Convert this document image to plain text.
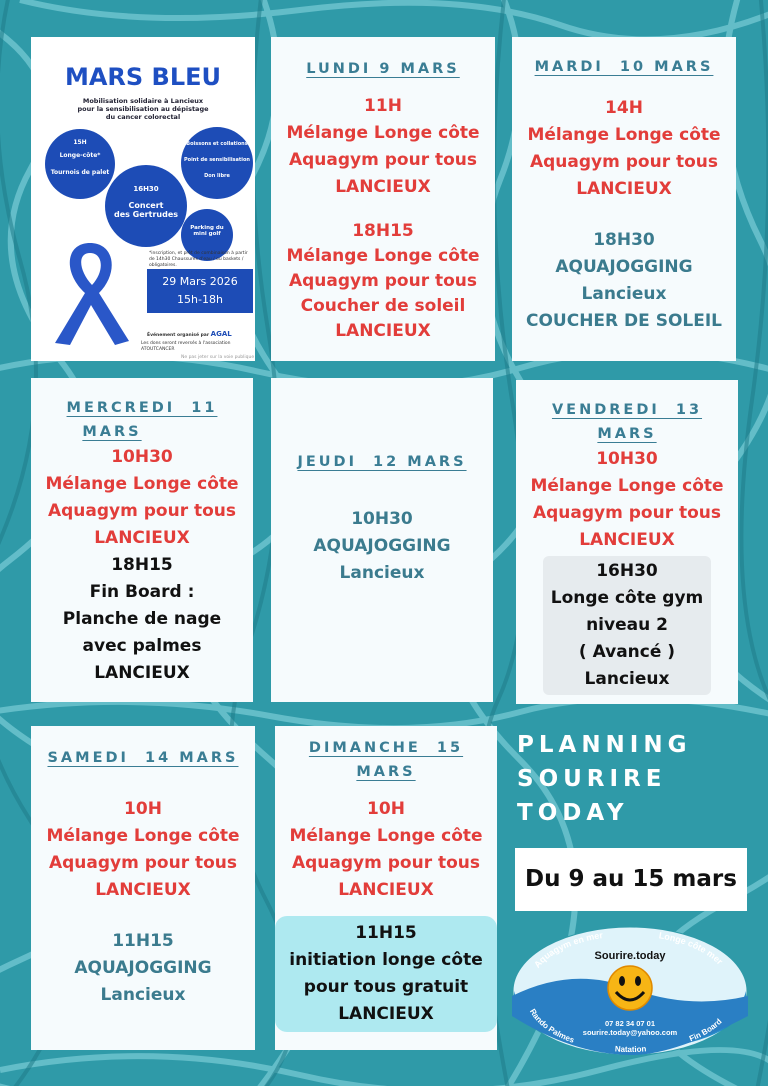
MARS BLEU
Mobilisation solidaire à Lancieux
pour la sensibilisation au dépistage
du cancer colorectal
15H
Longe-côte*
Tournois de palet
Boissons et collations
Point de sensibilisation
Don libre
16H30
Concert
des Gertrudes
Parking du
mini golf
*inscription, et prêt de combinaison à partir de 14h30 Chaussures d'eau / ou baskets / obligatoires.
29 Mars 2026
15h-18h
Événement organisé par AGAL
Les dons seront reversés à l'association ATOUTCANCER
Ne pas jeter sur la voie publique
LUNDI 9 MARS
11H
Mélange Longe côte
Aquagym pour tous
LANCIEUX
18H15
Mélange Longe côte
Aquagym pour tous
Coucher de soleil
LANCIEUX
MARDI  10 MARS
14H
Mélange Longe côte
Aquagym pour tous
LANCIEUX
18H30
AQUAJOGGING
Lancieux
COUCHER DE SOLEIL
MERCREDI  11
MARS
10H30
Mélange Longe côte
Aquagym pour tous
LANCIEUX
18H15
Fin Board :
Planche de nage
avec palmes
LANCIEUX
JEUDI  12 MARS
10H30
AQUAJOGGING
Lancieux
VENDREDI  13
MARS
10H30
Mélange Longe côte
Aquagym pour tous
LANCIEUX
16H30
Longe côte gym
niveau 2
( Avancé )
Lancieux
SAMEDI  14 MARS
10H
Mélange Longe côte
Aquagym pour tous
LANCIEUX
11H15
AQUAJOGGING
Lancieux
DIMANCHE  15
MARS
10H
Mélange Longe côte
Aquagym pour tous
LANCIEUX
11H15
initiation longe côte
pour tous gratuit
LANCIEUX
PLANNING
SOURIRE
TODAY
Du 9 au 15 mars
Aquagym en mer	Longe côte mer
Sourire.today
07 82 34 07 01
sourire.today@yahoo.com
Rando Palmes
Natation
Fin Board
